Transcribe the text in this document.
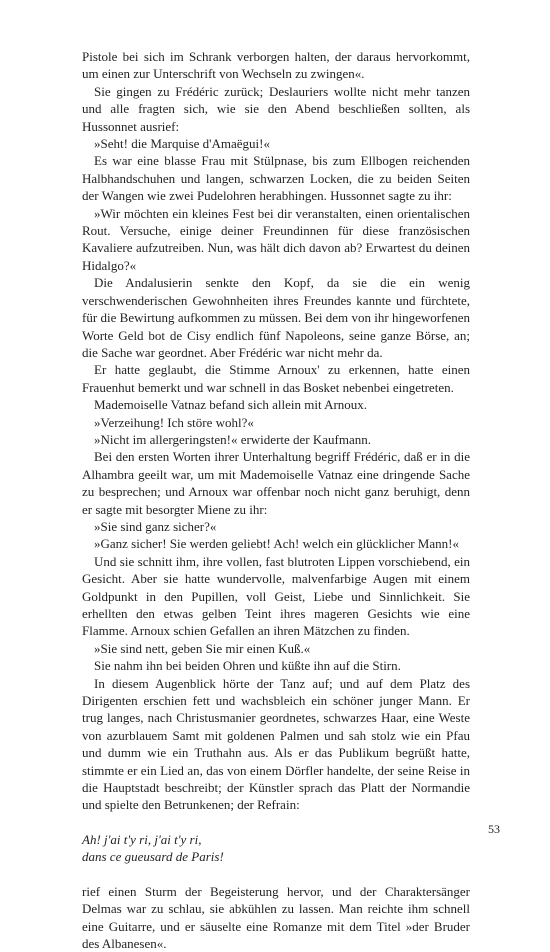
Pistole bei sich im Schrank verborgen halten, der daraus hervorkommt, um einen zur Unterschrift von Wechseln zu zwingen«.

Sie gingen zu Frédéric zurück; Deslauriers wollte nicht mehr tanzen und alle fragten sich, wie sie den Abend beschließen sollten, als Hussonnet ausrief:

»Seht! die Marquise d'Amaëgui!«

Es war eine blasse Frau mit Stülpnase, bis zum Ellbogen reichenden Halbhandschuhen und langen, schwarzen Locken, die zu beiden Seiten der Wangen wie zwei Pudelohren herabhingen. Hussonnet sagte zu ihr:

»Wir möchten ein kleines Fest bei dir veranstalten, einen orientalischen Rout. Versuche, einige deiner Freundinnen für diese französischen Kavaliere aufzutreiben. Nun, was hält dich davon ab? Erwartest du deinen Hidalgo?«

Die Andalusierin senkte den Kopf, da sie die ein wenig verschwenderischen Gewohnheiten ihres Freundes kannte und fürchtete, für die Bewirtung aufkommen zu müssen. Bei dem von ihr hingeworfenen Worte Geld bot de Cisy endlich fünf Napoleons, seine ganze Börse, an; die Sache war geordnet. Aber Frédéric war nicht mehr da.

Er hatte geglaubt, die Stimme Arnoux' zu erkennen, hatte einen Frauenhut bemerkt und war schnell in das Bosket nebenbei eingetreten.

Mademoiselle Vatnaz befand sich allein mit Arnoux.

»Verzeihung! Ich störe wohl?«

»Nicht im allergeringsten!« erwiderte der Kaufmann.

Bei den ersten Worten ihrer Unterhaltung begriff Frédéric, daß er in die Alhambra geeilt war, um mit Mademoiselle Vatnaz eine dringende Sache zu besprechen; und Arnoux war offenbar noch nicht ganz beruhigt, denn er sagte mit besorgter Miene zu ihr:

»Sie sind ganz sicher?«

»Ganz sicher! Sie werden geliebt! Ach! welch ein glücklicher Mann!«

Und sie schnitt ihm, ihre vollen, fast blutroten Lippen vorschiebend, ein Gesicht. Aber sie hatte wundervolle, malvenfarbige Augen mit einem Goldpunkt in den Pupillen, voll Geist, Liebe und Sinnlichkeit. Sie erhellten den etwas gelben Teint ihres mageren Gesichts wie eine Flamme. Arnoux schien Gefallen an ihren Mätzchen zu finden.

»Sie sind nett, geben Sie mir einen Kuß.«

Sie nahm ihn bei beiden Ohren und küßte ihn auf die Stirn.

In diesem Augenblick hörte der Tanz auf; und auf dem Platz des Dirigenten erschien fett und wachsbleich ein schöner junger Mann. Er trug langes, nach Christusmanier geordnetes, schwarzes Haar, eine Weste von azurblauem Samt mit goldenen Palmen und sah stolz wie ein Pfau und dumm wie ein Truthahn aus. Als er das Publikum begrüßt hatte, stimmte er ein Lied an, das von einem Dörfler handelte, der seine Reise in die Hauptstadt beschreibt; der Künstler sprach das Platt der Normandie und spielte den Betrunkenen; der Refrain:

Ah! j'ai t'y ri, j'ai t'y ri,
dans ce gueusard de Paris!

rief einen Sturm der Begeisterung hervor, und der Charaktersänger Delmas war zu schlau, sie abkühlen zu lassen. Man reichte ihm schnell eine Guitarre, und er säuselte eine Romanze mit dem Titel »der Bruder des Albanesen«.

53
